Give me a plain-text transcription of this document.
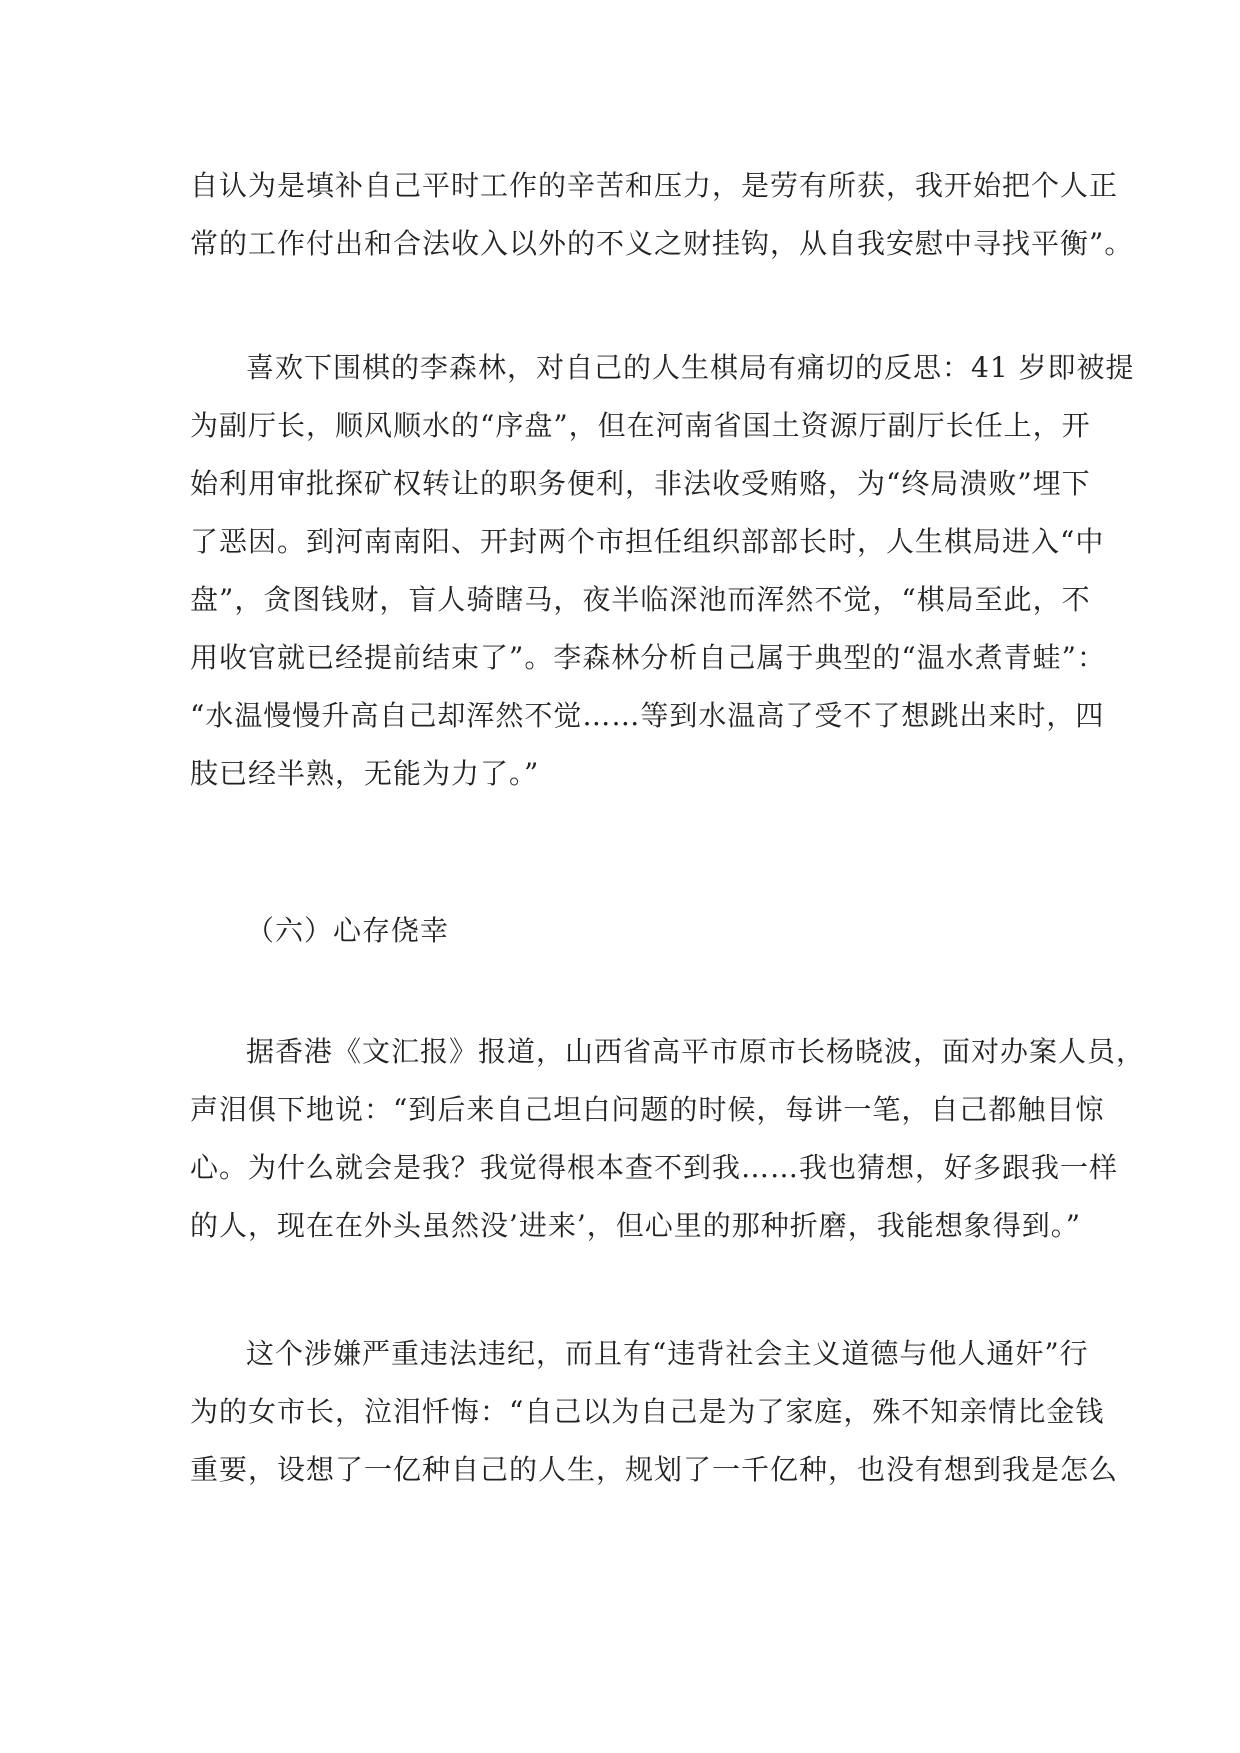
自认为是填补自己平时工作的辛苦和压力，是劳有所获，我开始把个人正
常的工作付出和合法收入以外的不义之财挂钩，从自我安慰中寻找平衡”。

喜欢下围棋的李森林，对自己的人生棋局有痛切的反思：41 岁即被提
为副厅长，顺风顺水的“序盘”，但在河南省国土资源厅副厅长任上，开
始利用审批探矿权转让的职务便利，非法收受贿赂，为“终局溃败”埋下
了恶因。到河南南阳、开封两个市担任组织部部长时，人生棋局进入“中
盘”，贪图钱财，盲人骑瞎马，夜半临深池而浑然不觉，“棋局至此，不
用收官就已经提前结束了”。李森林分析自己属于典型的“温水煮青蛙”：
“水温慢慢升高自己却浑然不觉……等到水温高了受不了想跳出来时，四
肢已经半熟，无能为力了。”

（六）心存侥幸

据香港《文汇报》报道，山西省高平市原市长杨晓波，面对办案人员，
声泪俱下地说：“到后来自己坦白问题的时候，每讲一笔，自己都触目惊
心。为什么就会是我？我觉得根本查不到我……我也猜想，好多跟我一样
的人，现在在外头虽然没’进来’，但心里的那种折磨，我能想象得到。”

这个涉嫌严重违法违纪，而且有“违背社会主义道德与他人通奸”行
为的女市长，泣泪忏悔：“自己以为自己是为了家庭，殊不知亲情比金钱
重要，设想了一亿种自己的人生，规划了一千亿种，也没有想到我是怎么
